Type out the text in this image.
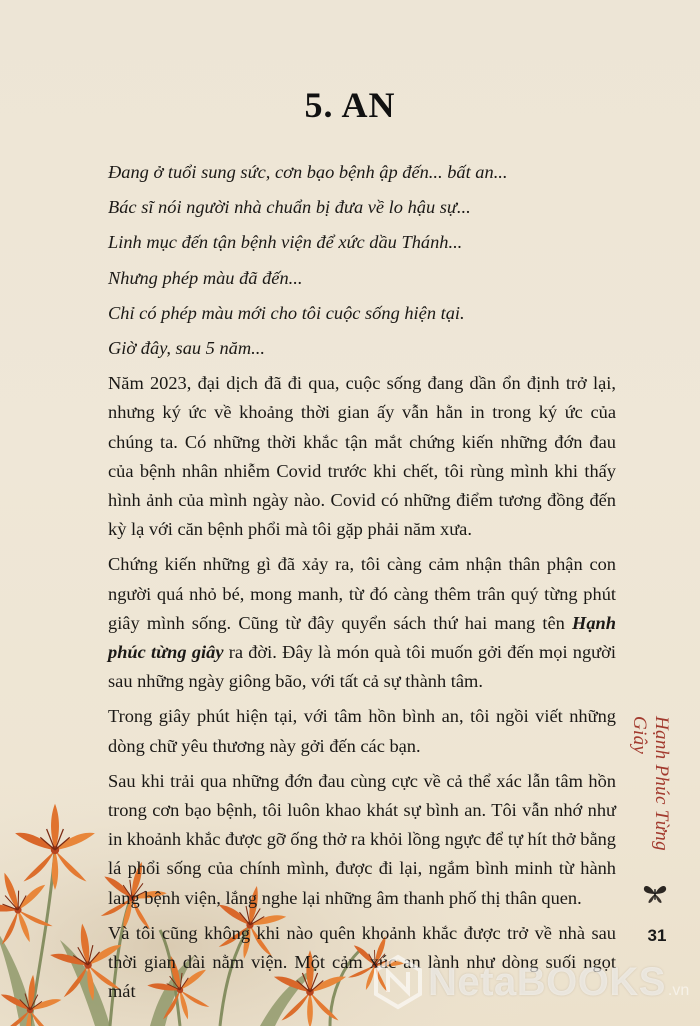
5. AN

Đang ở tuổi sung sức, cơn bạo bệnh ập đến... bất an...

Bác sĩ nói người nhà chuẩn bị đưa về lo hậu sự...

Linh mục đến tận bệnh viện để xức dầu Thánh...

Nhưng phép màu đã đến...

Chỉ có phép màu mới cho tôi cuộc sống hiện tại.

Giờ đây, sau 5 năm...

Năm 2023, đại dịch đã đi qua, cuộc sống đang dần ổn định trở lại, nhưng ký ức về khoảng thời gian ấy vẫn hằn in trong ký ức của chúng ta. Có những thời khắc tận mắt chứng kiến những đớn đau của bệnh nhân nhiễm Covid trước khi chết, tôi rùng mình khi thấy hình ảnh của mình ngày nào. Covid có những điểm tương đồng đến kỳ lạ với căn bệnh phổi mà tôi gặp phải năm xưa.

Chứng kiến những gì đã xảy ra, tôi càng cảm nhận thân phận con người quá nhỏ bé, mong manh, từ đó càng thêm trân quý từng phút giây mình sống. Cũng từ đây quyển sách thứ hai mang tên Hạnh phúc từng giây ra đời. Đây là món quà tôi muốn gởi đến mọi người sau những ngày giông bão, với tất cả sự thành tâm.

Trong giây phút hiện tại, với tâm hồn bình an, tôi ngồi viết những dòng chữ yêu thương này gởi đến các bạn.

Sau khi trải qua những đớn đau cùng cực về cả thể xác lẫn tâm hồn trong cơn bạo bệnh, tôi luôn khao khát sự bình an. Tôi vẫn nhớ như in khoảnh khắc được gỡ ống thở ra khỏi lồng ngực để tự hít thở bằng lá phổi sống của chính mình, được đi lại, ngắm bình minh từ hành lang bệnh viện, lắng nghe lại những âm thanh phố thị thân quen.

Và tôi cũng không khi nào quên khoảnh khắc được trở về nhà sau thời gian dài nằm viện. Một cảm xúc an lành như dòng suối ngọt mát

Hạnh Phúc Từng Giây
31
NetaBOOKS .vn
